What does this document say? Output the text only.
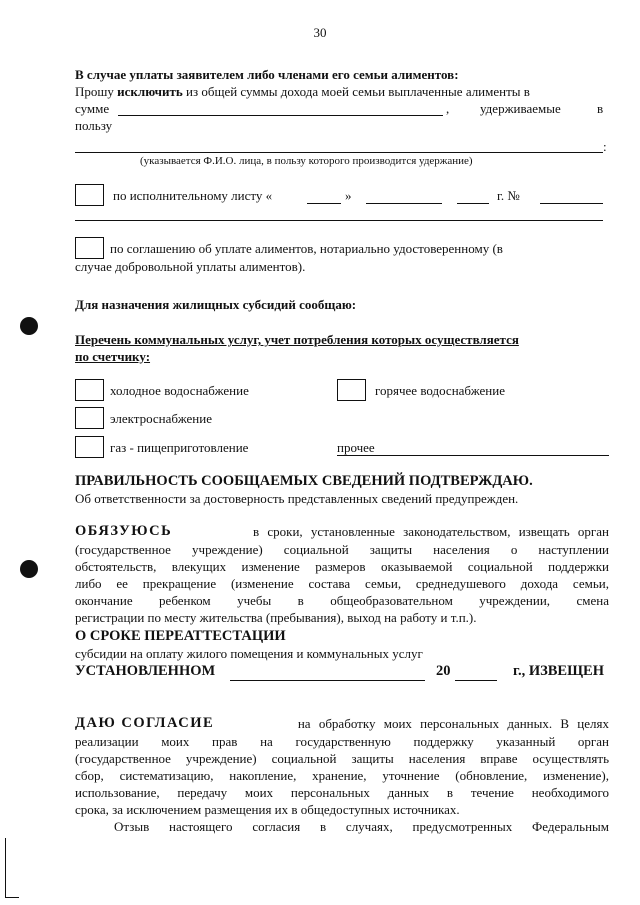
30
В случае уплаты заявителем либо членами его семьи алиментов:
Прошу исключить из общей суммы дохода моей семьи выплаченные алименты в
сумме	, удерживаемые	в
пользу
:
(указывается Ф.И.О. лица, в пользу которого производится удержание)
по исполнительному листу «	»	г. №
по соглашению об уплате алиментов, нотариально удостоверенному (в
случае добровольной уплаты алиментов).
Для назначения жилищных субсидий сообщаю:
Перечень коммунальных услуг, учет потребления которых осуществляется
по счетчику:
холодное водоснабжение	горячее водоснабжение
электроснабжение
газ - пищеприготовление	прочее
ПРАВИЛЬНОСТЬ СООБЩАЕМЫХ СВЕДЕНИЙ ПОДТВЕРЖДАЮ.
Об ответственности за достоверность представленных сведений предупрежден.
ОБЯЗУЮСЬ	в сроки, установленные законодательством, извещать орган
(государственное учреждение) социальной защиты населения о наступлении
обстоятельств, влекущих изменение размеров оказываемой социальной поддержки
либо ее прекращение (изменение состава семьи, среднедушевого дохода семьи,
окончание ребенком учебы в общеобразовательном учреждении, смена
регистрации по месту жительства (пребывания), выход на работу и т.п.).
О СРОКЕ ПЕРЕАТТЕСТАЦИИ
субсидии на оплату жилого помещения и коммунальных услуг
УСТАНОВЛЕННОМ	20	г., ИЗВЕЩЕН
ДАЮ СОГЛАСИЕ	на обработку моих персональных данных. В целях
реализации моих прав на государственную поддержку указанный орган
(государственное учреждение) социальной защиты населения вправе осуществлять
сбор, систематизацию, накопление, хранение, уточнение (обновление, изменение),
использование, передачу моих персональных данных в течение необходимого
срока, за исключением размещения их в общедоступных источниках.
Отзыв настоящего согласия в случаях, предусмотренных Федеральным
